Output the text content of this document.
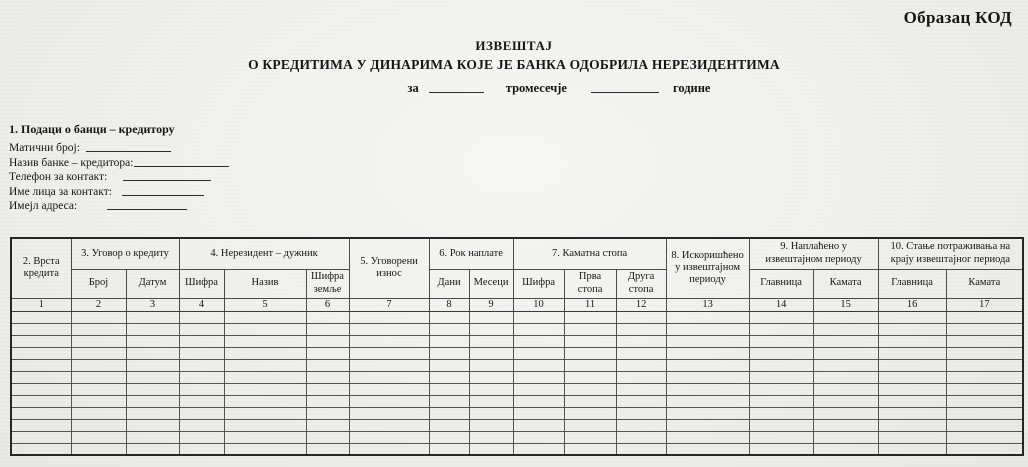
Образац КОД
ИЗВЕШТАЈ
О КРЕДИТИМА У ДИНАРИМА КОЈЕ ЈЕ БАНКА ОДОБРИЛА НЕРЕЗИДЕНТИМА
за	тромесечје	године
1. Подаци о банци – кредитору
Матични број:
Назив банке – кредитора:
Телефон за контакт:
Име лица за контакт:
Имејл адреса:
2. Врста кредита	3. Уговор о кредиту		4. Нерезидент – дужник			5. Уговорени износ	6. Рок наплате		7. Каматна стопа			8. Искоришћено у извештајном периоду	9. Наплаћено у извештајном периоду		10. Стање потраживања на крају извештајног периода	
	Број	Датум	Шифра	Назив	Шифра земље		Дани	Месеци	Шифра	Прва стопа	Друга стопа		Главница	Камата	Главница	Камата
1	2	3	4	5	6	7	8	9	10	11	12	13	14	15	16	17
